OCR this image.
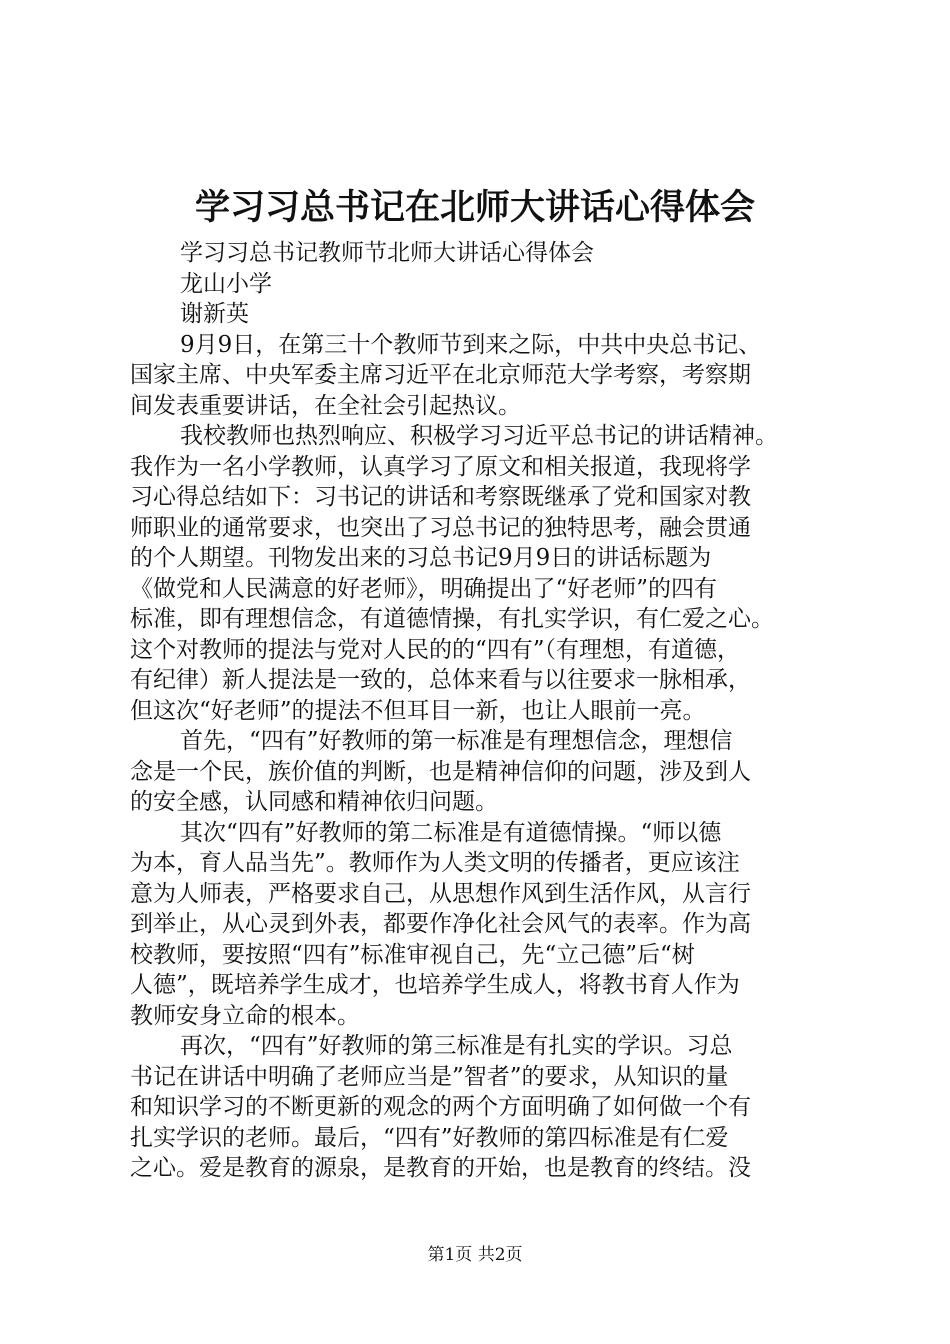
学习习总书记在北师大讲话心得体会
学习习总书记教师节北师大讲话心得体会
龙山小学
谢新英
9月9日，在第三十个教师节到来之际，中共中央总书记、
国家主席、中央军委主席习近平在北京师范大学考察，考察期
间发表重要讲话，在全社会引起热议。
我校教师也热烈响应、积极学习习近平总书记的讲话精神。
我作为一名小学教师，认真学习了原文和相关报道，我现将学
习心得总结如下：习书记的讲话和考察既继承了党和国家对教
师职业的通常要求，也突出了习总书记的独特思考，融会贯通
的个人期望。刊物发出来的习总书记9月9日的讲话标题为
《做党和人民满意的好老师》，明确提出了“好老师”的四有
标准，即有理想信念，有道德情操，有扎实学识，有仁爱之心。
这个对教师的提法与党对人民的的“四有”（有理想，有道德，
有纪律）新人提法是一致的，总体来看与以往要求一脉相承，
但这次“好老师”的提法不但耳目一新，也让人眼前一亮。
首先，“四有”好教师的第一标准是有理想信念，理想信
念是一个民，族价值的判断，也是精神信仰的问题，涉及到人
的安全感，认同感和精神依归问题。
其次“四有”好教师的第二标准是有道德情操。“师以德
为本，育人品当先”。教师作为人类文明的传播者，更应该注
意为人师表，严格要求自己，从思想作风到生活作风，从言行
到举止，从心灵到外表，都要作净化社会风气的表率。作为高
校教师，要按照“四有”标准审视自己，先“立己德”后“树
人德”，既培养学生成才，也培养学生成人，将教书育人作为
教师安身立命的根本。
再次，“四有”好教师的第三标准是有扎实的学识。习总
书记在讲话中明确了老师应当是”智者”的要求，从知识的量
和知识学习的不断更新的观念的两个方面明确了如何做一个有
扎实学识的老师。最后，“四有”好教师的第四标准是有仁爱
之心。爱是教育的源泉，是教育的开始，也是教育的终结。没
第1页 共2页
